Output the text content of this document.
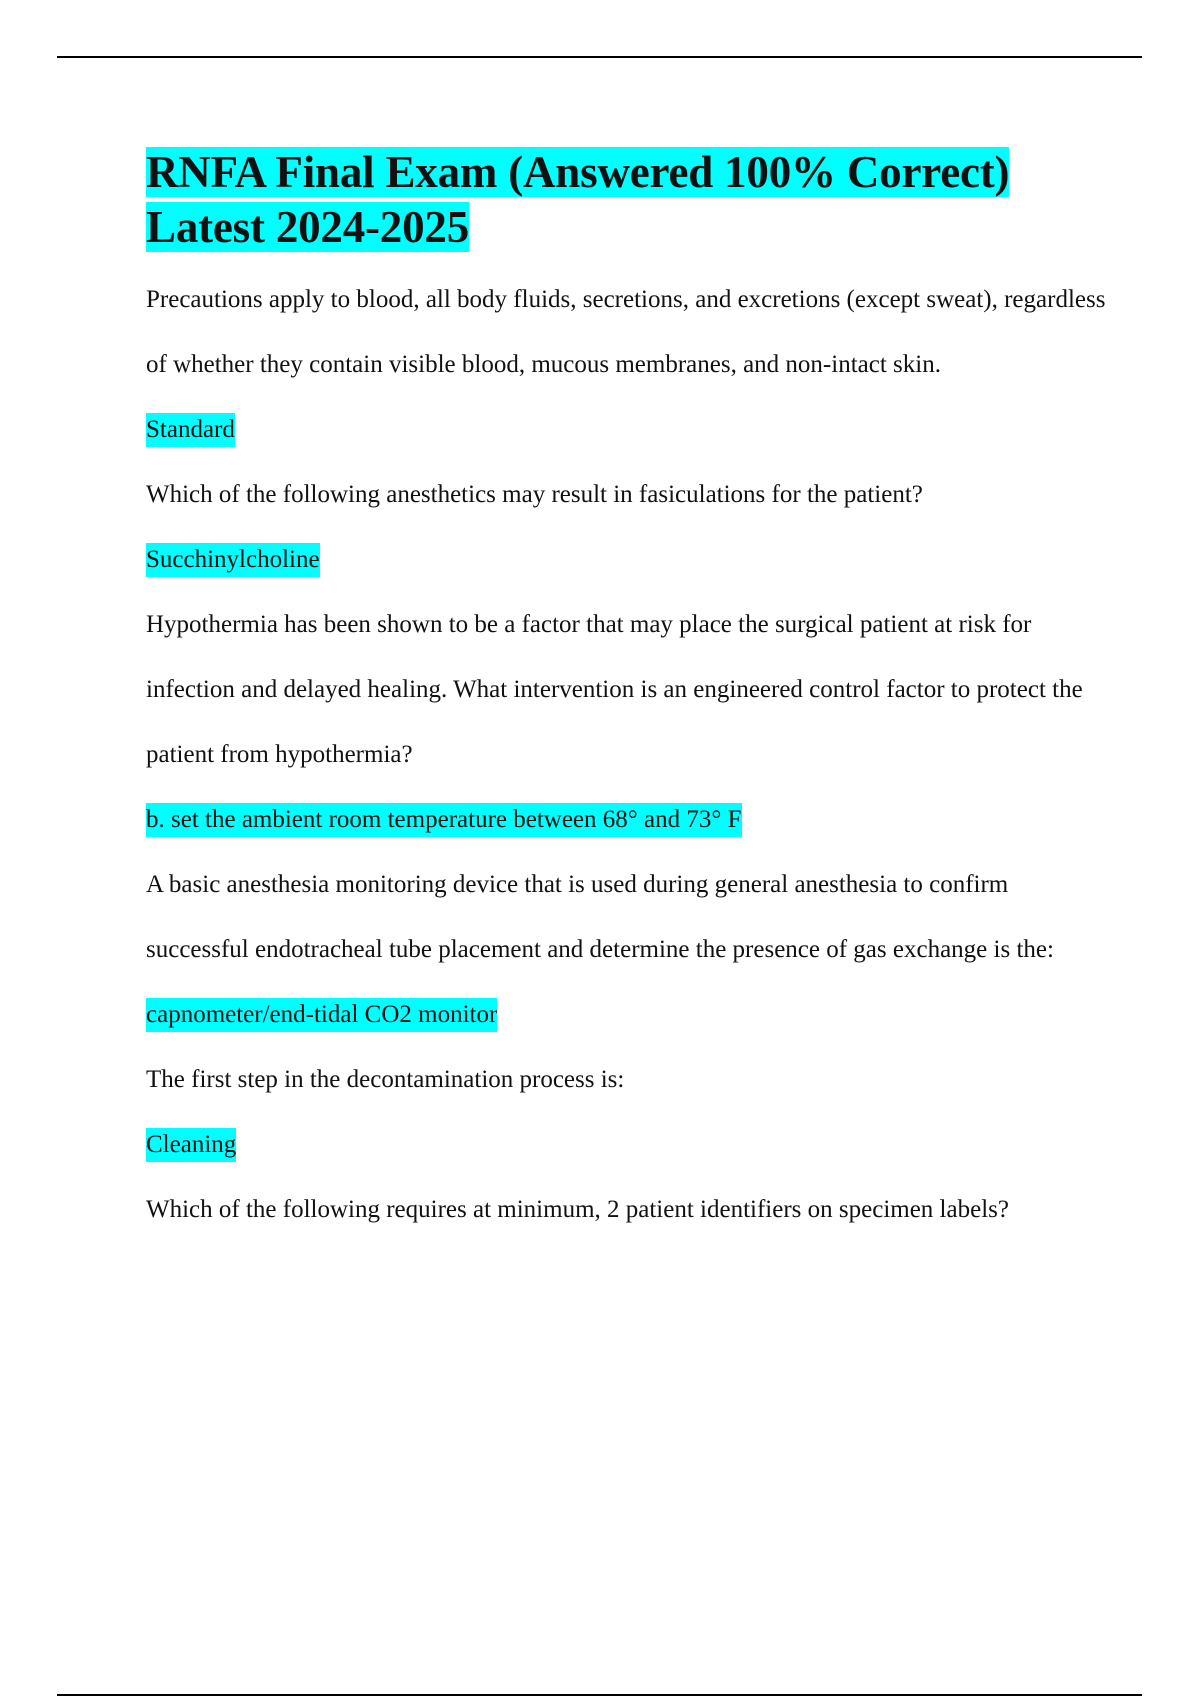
RNFA Final Exam (Answered 100% Correct) Latest 2024-2025

Precautions apply to blood, all body fluids, secretions, and excretions (except sweat), regardless of whether they contain visible blood, mucous membranes, and non-intact skin.

Standard

Which of the following anesthetics may result in fasiculations for the patient?

Succhinylcholine

Hypothermia has been shown to be a factor that may place the surgical patient at risk for infection and delayed healing. What intervention is an engineered control factor to protect the patient from hypothermia?

b. set the ambient room temperature between 68° and 73° F

A basic anesthesia monitoring device that is used during general anesthesia to confirm successful endotracheal tube placement and determine the presence of gas exchange is the:

capnometer/end-tidal CO2 monitor

The first step in the decontamination process is:

Cleaning

Which of the following requires at minimum, 2 patient identifiers on specimen labels?
